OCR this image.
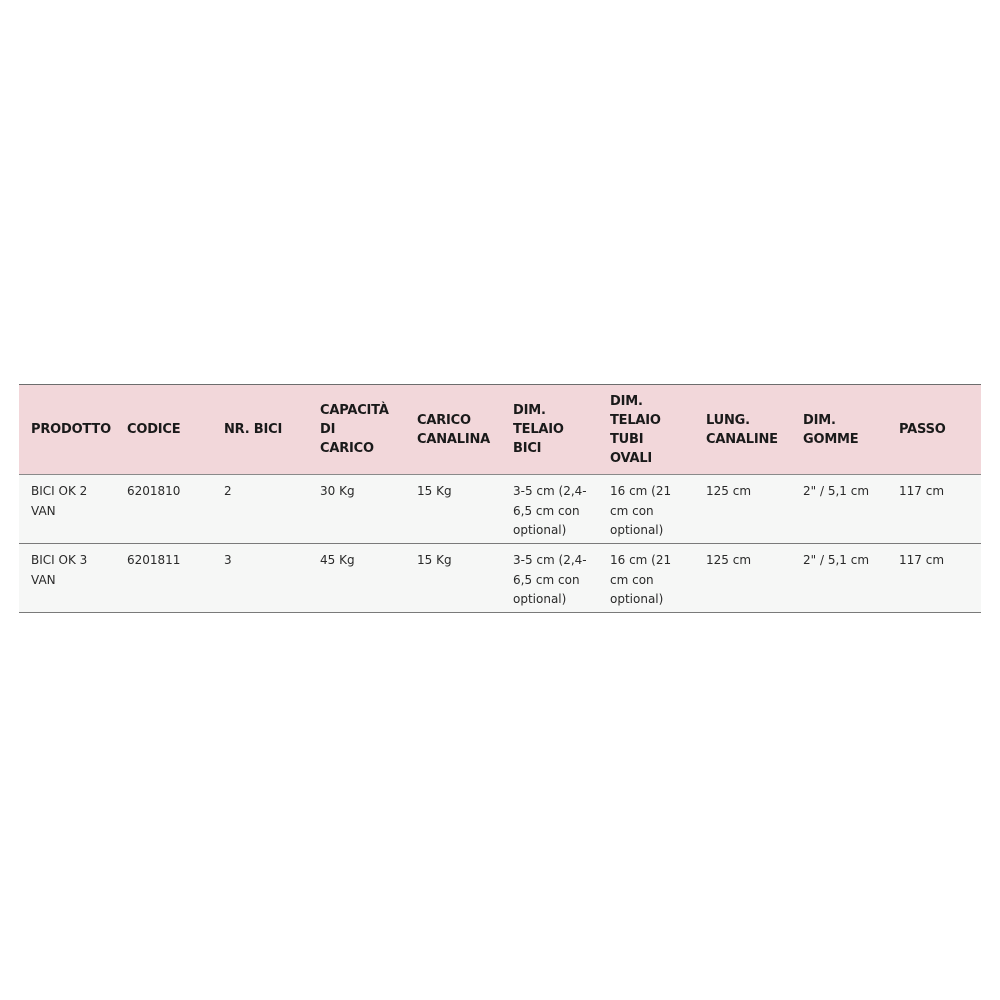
PRODOTTO	CODICE	NR. BICI	CAPACITÀ DI CARICO	CARICO CANALINA	DIM. TELAIO BICI	DIM. TELAIO TUBI OVALI	LUNG. CANALINE	DIM. GOMME	PASSO
BICI OK 2 VAN	6201810	2	30 Kg	15 Kg	3-5 cm (2,4-6,5 cm con optional)	16 cm (21 cm con optional)	125 cm	2" / 5,1 cm	117 cm
BICI OK 3 VAN	6201811	3	45 Kg	15 Kg	3-5 cm (2,4-6,5 cm con optional)	16 cm (21 cm con optional)	125 cm	2" / 5,1 cm	117 cm
